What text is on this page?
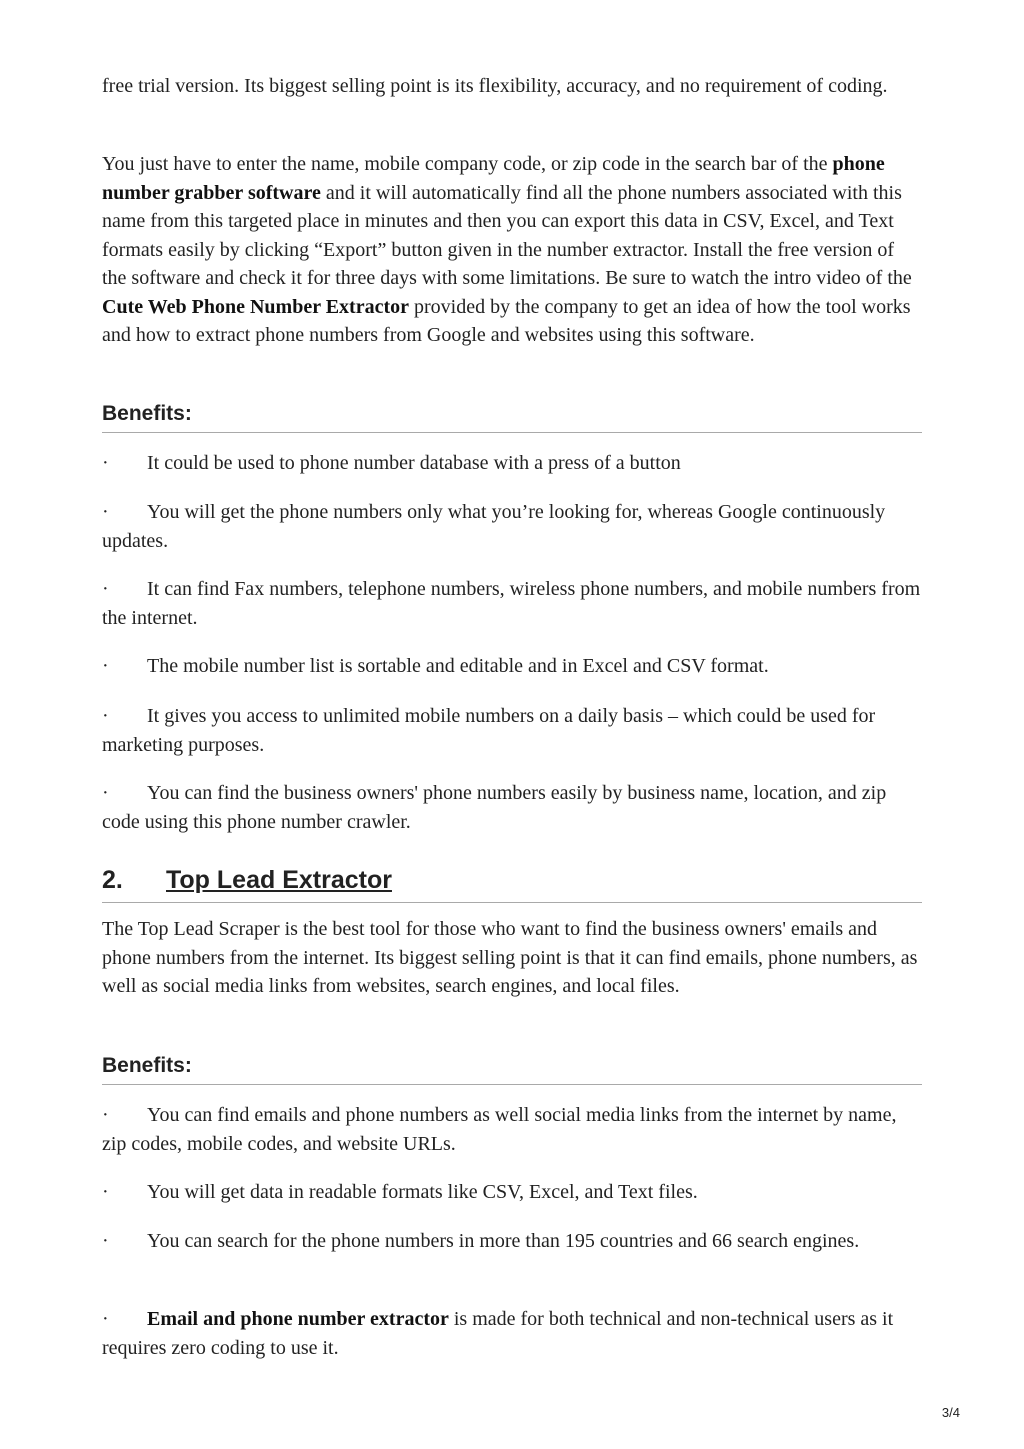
free trial version. Its biggest selling point is its flexibility, accuracy, and no requirement of coding.

You just have to enter the name, mobile company code, or zip code in the search bar of the phone number grabber software and it will automatically find all the phone numbers associated with this name from this targeted place in minutes and then you can export this data in CSV, Excel, and Text formats easily by clicking “Export” button given in the number extractor. Install the free version of the software and check it for three days with some limitations. Be sure to watch the intro video of the Cute Web Phone Number Extractor provided by the company to get an idea of how the tool works and how to extract phone numbers from Google and websites using this software.

Benefits:

· It could be used to phone number database with a press of a button

· You will get the phone numbers only what you’re looking for, whereas Google continuously updates.

· It can find Fax numbers, telephone numbers, wireless phone numbers, and mobile numbers from the internet.

· The mobile number list is sortable and editable and in Excel and CSV format.

· It gives you access to unlimited mobile numbers on a daily basis – which could be used for marketing purposes.

· You can find the business owners' phone numbers easily by business name, location, and zip code using this phone number crawler.

2. Top Lead Extractor

The Top Lead Scraper is the best tool for those who want to find the business owners' emails and phone numbers from the internet. Its biggest selling point is that it can find emails, phone numbers, as well as social media links from websites, search engines, and local files.

Benefits:

· You can find emails and phone numbers as well social media links from the internet by name, zip codes, mobile codes, and website URLs.

· You will get data in readable formats like CSV, Excel, and Text files.

· You can search for the phone numbers in more than 195 countries and 66 search engines.

· Email and phone number extractor is made for both technical and non-technical users as it requires zero coding to use it.

3/4
